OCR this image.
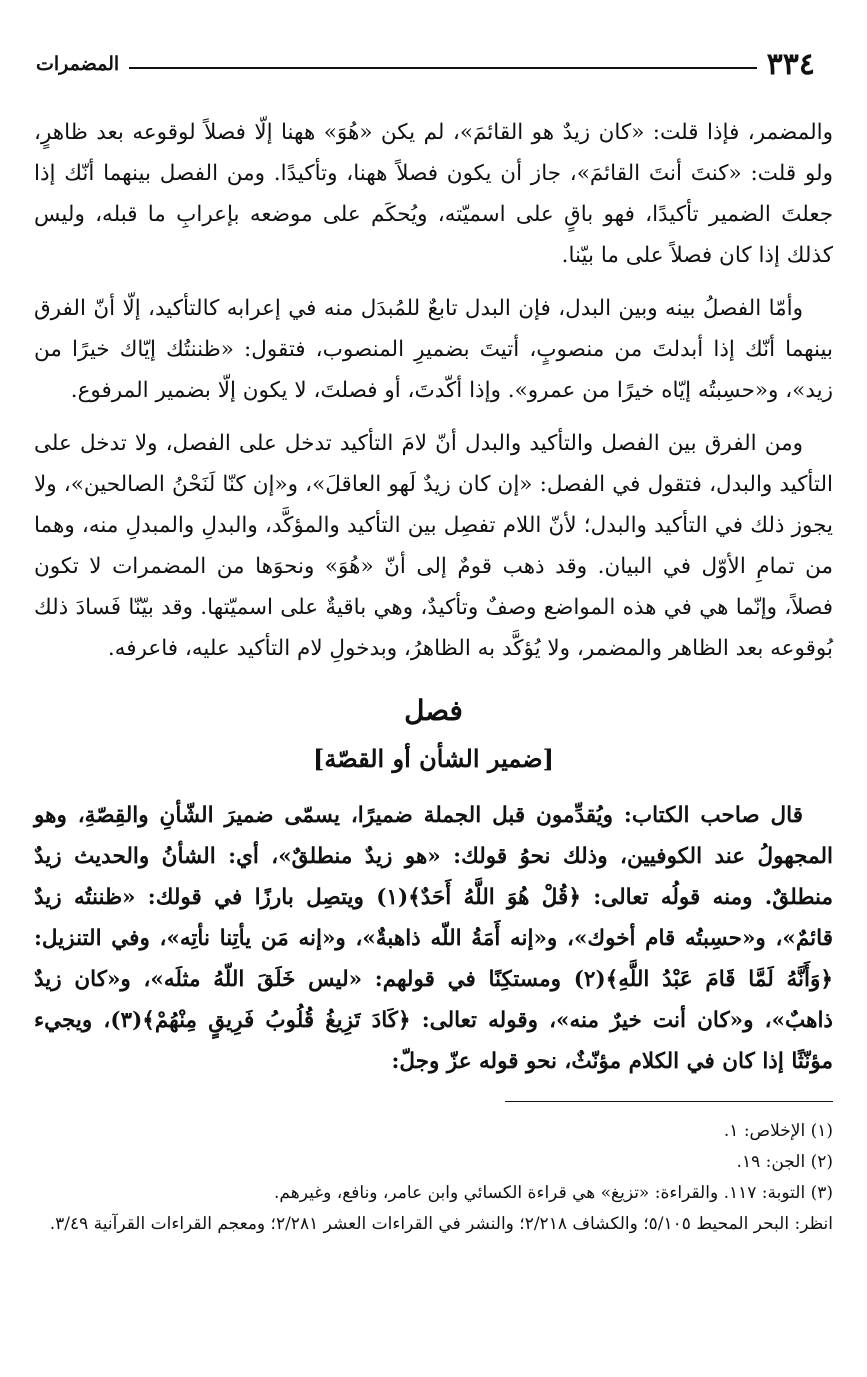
٣٣٤
المضمرات

والمضمر، فإذا قلت: «كان زيدٌ هو القائمَ»، لم يكن «هُوَ» ههنا إلّا فصلاً لوقوعه بعد ظاهرٍ، ولو قلت: «كنتَ أنتَ القائمَ»، جاز أن يكون فصلاً ههنا، وتأكيدًا. ومن الفصل بينهما أنّك إذا جعلتَ الضمير تأكيدًا، فهو باقٍ على اسميّته، ويُحكَم على موضعه بإعرابِ ما قبله، وليس كذلك إذا كان فصلاً على ما بيّنا.

وأمّا الفصلُ بينه وبين البدل، فإن البدل تابعٌ للمُبدَل منه في إعرابه كالتأكيد، إلّا أنّ الفرق بينهما أنّك إذا أبدلتَ من منصوبٍ، أتيتَ بضميرِ المنصوب، فتقول: «ظننتُك إيّاك خيرًا من زيد»، و«حسِبتُه إيّاه خيرًا من عمرو». وإذا أكّدتَ، أو فصلتَ، لا يكون إلّا بضمير المرفوع.

ومن الفرق بين الفصل والتأكيد والبدل أنّ لامَ التأكيد تدخل على الفصل، ولا تدخل على التأكيد والبدل، فتقول في الفصل: «إن كان زيدٌ لَهو العاقلَ»، و«إن كنّا لَنَحْنُ الصالحين»، ولا يجوز ذلك في التأكيد والبدل؛ لأنّ اللام تفصِل بين التأكيد والمؤكَّد، والبدلِ والمبدلِ منه، وهما من تمامِ الأوّل في البيان. وقد ذهب قومٌ إلى أنّ «هُوَ» ونحوَها من المضمرات لا تكون فصلاً، وإنّما هي في هذه المواضع وصفٌ وتأكيدٌ، وهي باقيةٌ على اسميّتها. وقد بيّنّا فَسادَ ذلك بُوقوعه بعد الظاهر والمضمر، ولا يُؤكَّد به الظاهرُ، وبدخولِ لام التأكيد عليه، فاعرفه.

فصل
[ضمير الشأن أو القصّة]

قال صاحب الكتاب: ويُقدِّمون قبل الجملة ضميرًا، يسمّى ضميرَ الشّأنِ والقِصّةِ، وهو المجهولُ عند الكوفيين، وذلك نحوُ قولك: «هو زيدٌ منطلقٌ»، أي: الشأنُ والحديث زيدٌ منطلقٌ. ومنه قولُه تعالى: ﴿قُلْ هُوَ اللَّهُ أَحَدٌ﴾(١) ويتصِل بارزًا في قولك: «ظننتُه زيدٌ قائمٌ»، و«حسِبتُه قام أخوك»، و«إنه أَمَةُ اللّه ذاهبةٌ»، و«إنه مَن يأتِنا نأتِه»، وفي التنزيل: ﴿وَأَنَّهُ لَمَّا قَامَ عَبْدُ اللَّهِ﴾(٢) ومستكِنًا في قولهم: «ليس خَلَقَ اللّهُ مثلَه»، و«كان زيدٌ ذاهبٌ»، و«كان أنت خيرٌ منه»، وقوله تعالى: ﴿كَادَ تَزِيغُ قُلُوبُ فَرِيقٍ مِنْهُمْ﴾(٣)، ويجيء مؤنّثًا إذا كان في الكلام مؤنّثٌ، نحو قوله عزّ وجلّ:

(١) الإخلاص: ١.

(٢) الجن: ١٩.

(٣) التوبة: ١١٧. والقراءة: «تزيغ» هي قراءة الكسائي وابن عامر، ونافع، وغيرهم.

انظر: البحر المحيط ٥/١٠٥؛ والكشاف ٢/٢١٨؛ والنشر في القراءات العشر ٢/٢٨١؛ ومعجم القراءات القرآنية ٣/٤٩.
